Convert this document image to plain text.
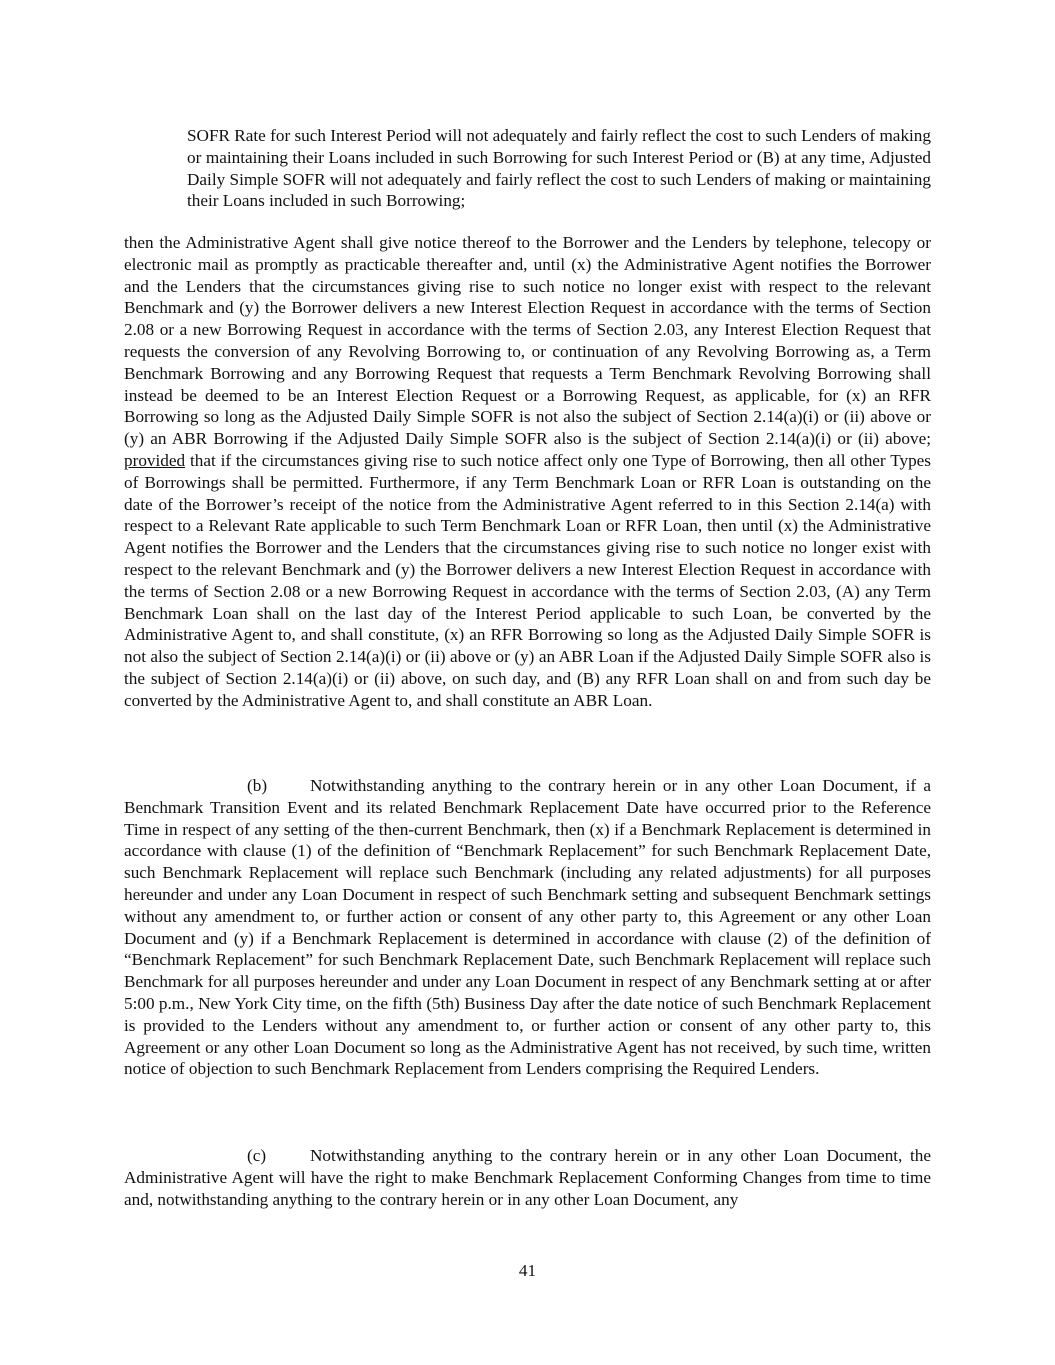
SOFR Rate for such Interest Period will not adequately and fairly reflect the cost to such Lenders of making or maintaining their Loans included in such Borrowing for such Interest Period or (B) at any time, Adjusted Daily Simple SOFR will not adequately and fairly reflect the cost to such Lenders of making or maintaining their Loans included in such Borrowing;

then the Administrative Agent shall give notice thereof to the Borrower and the Lenders by telephone, telecopy or electronic mail as promptly as practicable thereafter and, until (x) the Administrative Agent notifies the Borrower and the Lenders that the circumstances giving rise to such notice no longer exist with respect to the relevant Benchmark and (y) the Borrower delivers a new Interest Election Request in accordance with the terms of Section 2.08 or a new Borrowing Request in accordance with the terms of Section 2.03, any Interest Election Request that requests the conversion of any Revolving Borrowing to, or continuation of any Revolving Borrowing as, a Term Benchmark Borrowing and any Borrowing Request that requests a Term Benchmark Revolving Borrowing shall instead be deemed to be an Interest Election Request or a Borrowing Request, as applicable, for (x) an RFR Borrowing so long as the Adjusted Daily Simple SOFR is not also the subject of Section 2.14(a)(i) or (ii) above or (y) an ABR Borrowing if the Adjusted Daily Simple SOFR also is the subject of Section 2.14(a)(i) or (ii) above; provided that if the circumstances giving rise to such notice affect only one Type of Borrowing, then all other Types of Borrowings shall be permitted. Furthermore, if any Term Benchmark Loan or RFR Loan is outstanding on the date of the Borrower’s receipt of the notice from the Administrative Agent referred to in this Section 2.14(a) with respect to a Relevant Rate applicable to such Term Benchmark Loan or RFR Loan, then until (x) the Administrative Agent notifies the Borrower and the Lenders that the circumstances giving rise to such notice no longer exist with respect to the relevant Benchmark and (y) the Borrower delivers a new Interest Election Request in accordance with the terms of Section 2.08 or a new Borrowing Request in accordance with the terms of Section 2.03, (A) any Term Benchmark Loan shall on the last day of the Interest Period applicable to such Loan, be converted by the Administrative Agent to, and shall constitute, (x) an RFR Borrowing so long as the Adjusted Daily Simple SOFR is not also the subject of Section 2.14(a)(i) or (ii) above or (y) an ABR Loan if the Adjusted Daily Simple SOFR also is the subject of Section 2.14(a)(i) or (ii) above, on such day, and (B) any RFR Loan shall on and from such day be converted by the Administrative Agent to, and shall constitute an ABR Loan.

(b) Notwithstanding anything to the contrary herein or in any other Loan Document, if a Benchmark Transition Event and its related Benchmark Replacement Date have occurred prior to the Reference Time in respect of any setting of the then-current Benchmark, then (x) if a Benchmark Replacement is determined in accordance with clause (1) of the definition of “Benchmark Replacement” for such Benchmark Replacement Date, such Benchmark Replacement will replace such Benchmark (including any related adjustments) for all purposes hereunder and under any Loan Document in respect of such Benchmark setting and subsequent Benchmark settings without any amendment to, or further action or consent of any other party to, this Agreement or any other Loan Document and (y) if a Benchmark Replacement is determined in accordance with clause (2) of the definition of “Benchmark Replacement” for such Benchmark Replacement Date, such Benchmark Replacement will replace such Benchmark for all purposes hereunder and under any Loan Document in respect of any Benchmark setting at or after 5:00 p.m., New York City time, on the fifth (5th) Business Day after the date notice of such Benchmark Replacement is provided to the Lenders without any amendment to, or further action or consent of any other party to, this Agreement or any other Loan Document so long as the Administrative Agent has not received, by such time, written notice of objection to such Benchmark Replacement from Lenders comprising the Required Lenders.

(c)	Notwithstanding anything to the contrary herein or in any other Loan Document, the Administrative Agent will have the right to make Benchmark Replacement Conforming Changes from time to time and, notwithstanding anything to the contrary herein or in any other Loan Document, any

41
